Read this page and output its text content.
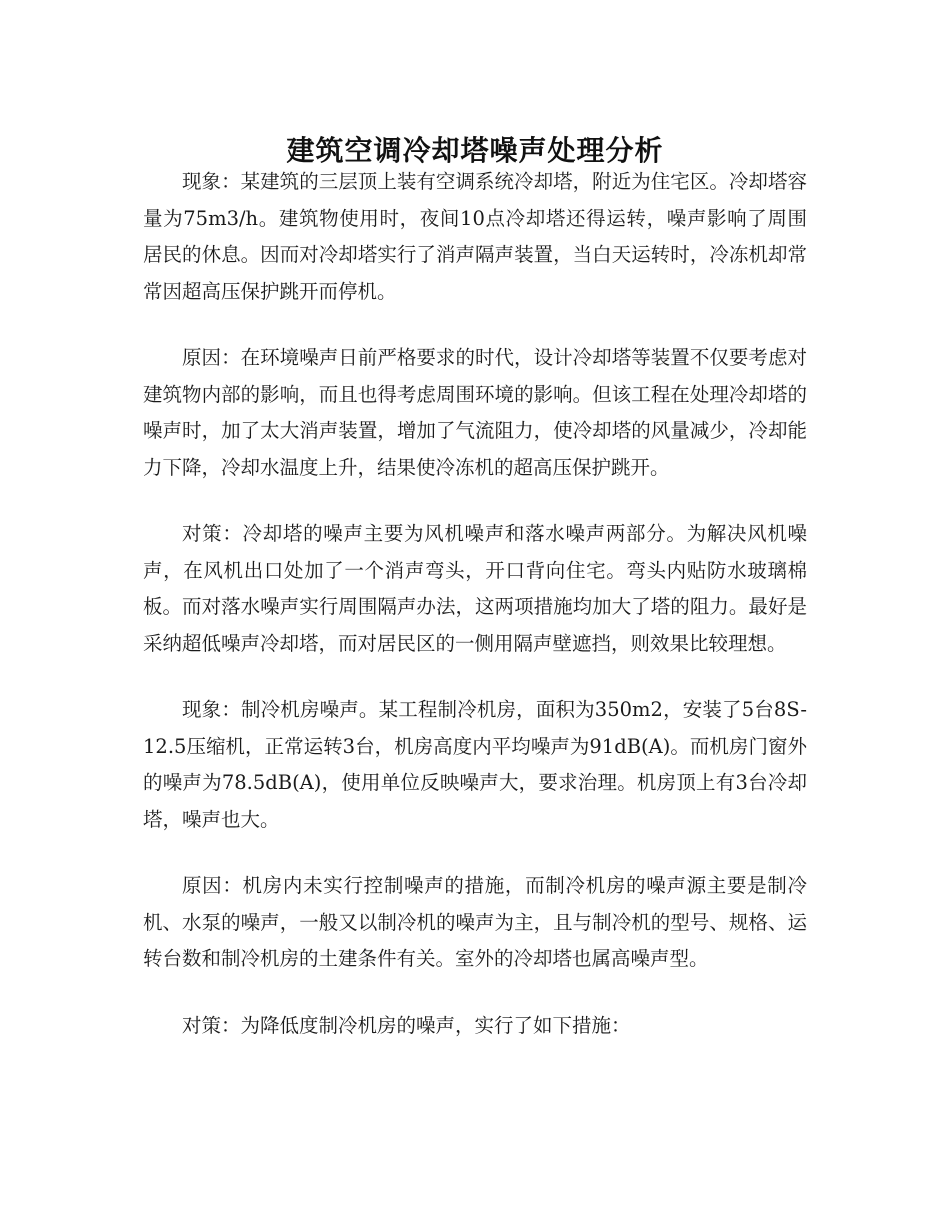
建筑空调冷却塔噪声处理分析

现象：某建筑的三层顶上装有空调系统冷却塔，附近为住宅区。冷却塔容量为75m3/h。建筑物使用时，夜间10点冷却塔还得运转，噪声影响了周围居民的休息。因而对冷却塔实行了消声隔声装置，当白天运转时，冷冻机却常常因超高压保护跳开而停机。

原因：在环境噪声日前严格要求的时代，设计冷却塔等装置不仅要考虑对建筑物内部的影响，而且也得考虑周围环境的影响。但该工程在处理冷却塔的噪声时，加了太大消声装置，增加了气流阻力，使冷却塔的风量减少，冷却能力下降，冷却水温度上升，结果使冷冻机的超高压保护跳开。

对策：冷却塔的噪声主要为风机噪声和落水噪声两部分。为解决风机噪声，在风机出口处加了一个消声弯头，开口背向住宅。弯头内贴防水玻璃棉板。而对落水噪声实行周围隔声办法，这两项措施均加大了塔的阻力。最好是采纳超低噪声冷却塔，而对居民区的一侧用隔声壁遮挡，则效果比较理想。

现象：制冷机房噪声。某工程制冷机房，面积为350m2，安装了5台8S-12.5压缩机，正常运转3台，机房高度内平均噪声为91dB(A)。而机房门窗外的噪声为78.5dB(A)，使用单位反映噪声大，要求治理。机房顶上有3台冷却塔，噪声也大。

原因：机房内未实行控制噪声的措施，而制冷机房的噪声源主要是制冷机、水泵的噪声，一般又以制冷机的噪声为主，且与制冷机的型号、规格、运转台数和制冷机房的土建条件有关。室外的冷却塔也属高噪声型。

对策：为降低度制冷机房的噪声，实行了如下措施：
